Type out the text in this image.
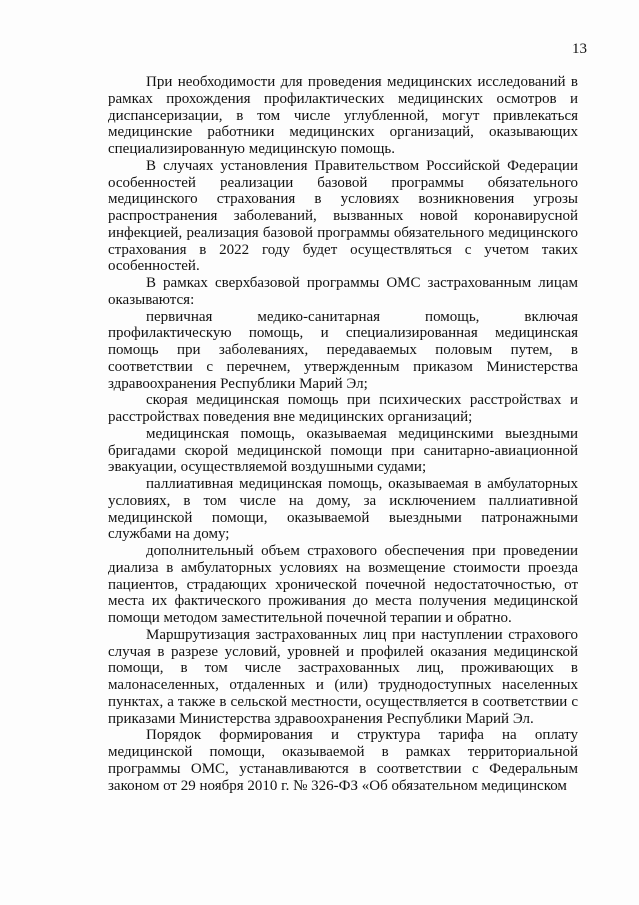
13

При необходимости для проведения медицинских исследований в рамках прохождения профилактических медицинских осмотров и диспансеризации, в том числе углубленной, могут привлекаться медицинские работники медицинских организаций, оказывающих специализированную медицинскую помощь.

В случаях установления Правительством Российской Федерации особенностей реализации базовой программы обязательного медицинского страхования в условиях возникновения угрозы распространения заболеваний, вызванных новой коронавирусной инфекцией, реализация базовой программы обязательного медицинского страхования в 2022 году будет осуществляться с учетом таких особенностей.

В рамках сверхбазовой программы ОМС застрахованным лицам оказываются:

первичная медико-санитарная помощь, включая профилактическую помощь, и специализированная медицинская помощь при заболеваниях, передаваемых половым путем, в соответствии с перечнем, утвержденным приказом Министерства здравоохранения Республики Марий Эл;

скорая медицинская помощь при психических расстройствах и расстройствах поведения вне медицинских организаций;

медицинская помощь, оказываемая медицинскими выездными бригадами скорой медицинской помощи при санитарно-авиационной эвакуации, осуществляемой воздушными судами;

паллиативная медицинская помощь, оказываемая в амбулаторных условиях, в том числе на дому, за исключением паллиативной медицинской помощи, оказываемой выездными патронажными службами на дому;

дополнительный объем страхового обеспечения при проведении диализа в амбулаторных условиях на возмещение стоимости проезда пациентов, страдающих хронической почечной недостаточностью, от места их фактического проживания до места получения медицинской помощи методом заместительной почечной терапии и обратно.

Маршрутизация застрахованных лиц при наступлении страхового случая в разрезе условий, уровней и профилей оказания медицинской помощи, в том числе застрахованных лиц, проживающих в малонаселенных, отдаленных и (или) труднодоступных населенных пунктах, а также в сельской местности, осуществляется в соответствии с приказами Министерства здравоохранения Республики Марий Эл.

Порядок формирования и структура тарифа на оплату медицинской помощи, оказываемой в рамках территориальной программы ОМС, устанавливаются в соответствии с Федеральным законом от 29 ноября 2010 г. № 326-ФЗ «Об обязательном медицинском
